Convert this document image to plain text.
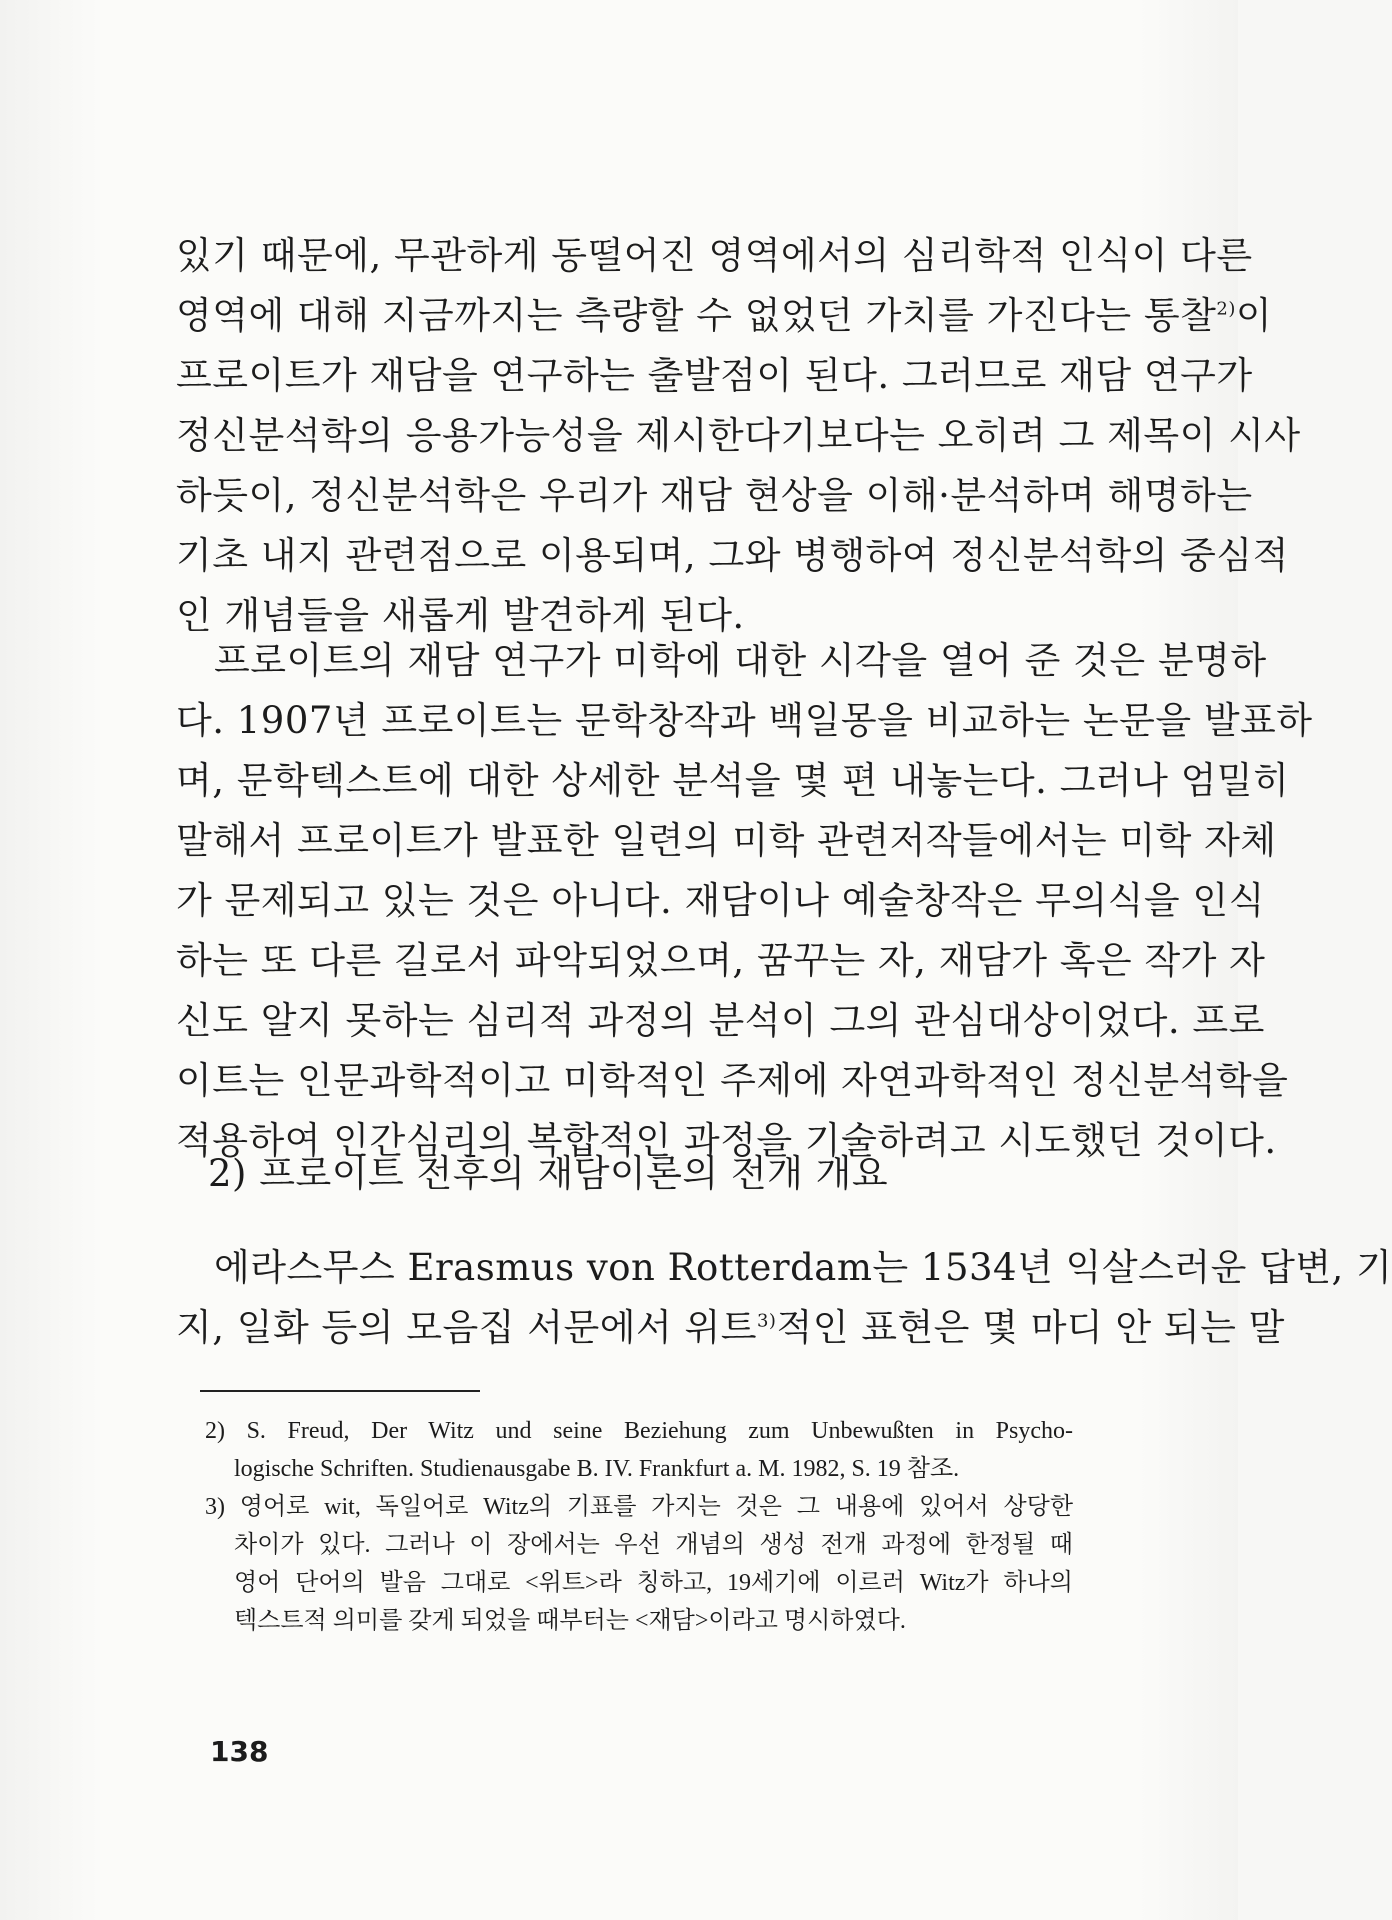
있기 때문에, 무관하게 동떨어진 영역에서의 심리학적 인식이 다른
영역에 대해 지금까지는 측량할 수 없었던 가치를 가진다는 통찰$^{2)}$이
프로이트가 재담을 연구하는 출발점이 된다. 그러므로 재담 연구가
정신분석학의 응용가능성을 제시한다기보다는 오히려 그 제목이 시사
하듯이, 정신분석학은 우리가 재담 현상을 이해·분석하며 해명하는
기초 내지 관련점으로 이용되며, 그와 병행하여 정신분석학의 중심적
인 개념들을 새롭게 발견하게 된다.
프로이트의 재담 연구가 미학에 대한 시각을 열어 준 것은 분명하
다. 1907년 프로이트는 문학창작과 백일몽을 비교하는 논문을 발표하
며, 문학텍스트에 대한 상세한 분석을 몇 편 내놓는다. 그러나 엄밀히
말해서 프로이트가 발표한 일련의 미학 관련저작들에서는 미학 자체
가 문제되고 있는 것은 아니다. 재담이나 예술창작은 무의식을 인식
하는 또 다른 길로서 파악되었으며, 꿈꾸는 자, 재담가 혹은 작가 자
신도 알지 못하는 심리적 과정의 분석이 그의 관심대상이었다. 프로
이트는 인문과학적이고 미학적인 주제에 자연과학적인 정신분석학을
적용하여 인간심리의 복합적인 과정을 기술하려고 시도했던 것이다.
2) 프로이트 전후의 재담이론의 전개 개요
에라스무스 Erasmus von Rotterdam는 1534년 익살스러운 답변, 기
지, 일화 등의 모음집 서문에서 위트$^{3)}$적인 표현은 몇 마디 안 되는 말
2) S. Freud, Der Witz und seine Beziehung zum Unbewußten in Psycho-
logische Schriften. Studienausgabe B. IV. Frankfurt a. M. 1982, S. 19 참조.
3) 영어로 wit, 독일어로 Witz의 기표를 가지는 것은 그 내용에 있어서 상당한
차이가 있다. 그러나 이 장에서는 우선 개념의 생성 전개 과정에 한정될 때
영어 단어의 발음 그대로 <위트>라 칭하고, 19세기에 이르러 Witz가 하나의
텍스트적 의미를 갖게 되었을 때부터는 <재담>이라고 명시하였다.
138
